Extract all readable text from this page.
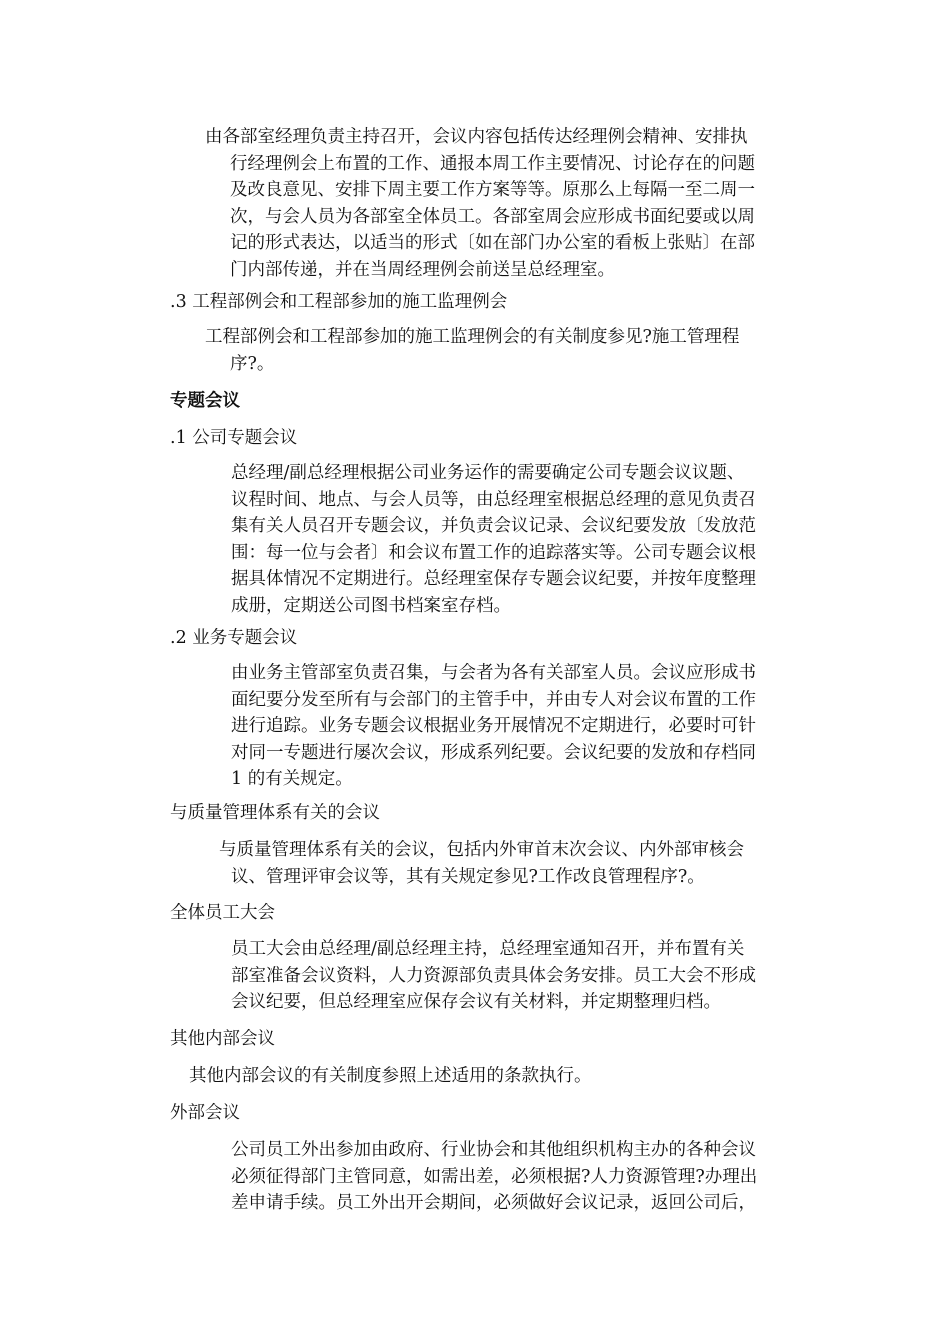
由各部室经理负责主持召开，会议内容包括传达经理例会精神、安排执
行经理例会上布置的工作、通报本周工作主要情况、讨论存在的问题
及改良意见、安排下周主要工作方案等等。原那么上每隔一至二周一
次，与会人员为各部室全体员工。各部室周会应形成书面纪要或以周
记的形式表达，以适当的形式〔如在部门办公室的看板上张贴〕在部
门内部传递，并在当周经理例会前送呈总经理室。
.3 工程部例会和工程部参加的施工监理例会
工程部例会和工程部参加的施工监理例会的有关制度参见?施工管理程
序?。
专题会议
.1 公司专题会议
总经理/副总经理根据公司业务运作的需要确定公司专题会议议题、
议程时间、地点、与会人员等，由总经理室根据总经理的意见负责召
集有关人员召开专题会议，并负责会议记录、会议纪要发放〔发放范
围：每一位与会者〕和会议布置工作的追踪落实等。公司专题会议根
据具体情况不定期进行。总经理室保存专题会议纪要，并按年度整理
成册，定期送公司图书档案室存档。
.2 业务专题会议
由业务主管部室负责召集，与会者为各有关部室人员。会议应形成书
面纪要分发至所有与会部门的主管手中，并由专人对会议布置的工作
进行追踪。业务专题会议根据业务开展情况不定期进行，必要时可针
对同一专题进行屡次会议，形成系列纪要。会议纪要的发放和存档同
1 的有关规定。
与质量管理体系有关的会议
与质量管理体系有关的会议，包括内外审首末次会议、内外部审核会
议、管理评审会议等，其有关规定参见?工作改良管理程序?。
全体员工大会
员工大会由总经理/副总经理主持，总经理室通知召开，并布置有关
部室准备会议资料，人力资源部负责具体会务安排。员工大会不形成
会议纪要，但总经理室应保存会议有关材料，并定期整理归档。
其他内部会议
其他内部会议的有关制度参照上述适用的条款执行。
外部会议
公司员工外出参加由政府、行业协会和其他组织机构主办的各种会议
必须征得部门主管同意，如需出差，必须根据?人力资源管理?办理出
差申请手续。员工外出开会期间，必须做好会议记录，返回公司后，
